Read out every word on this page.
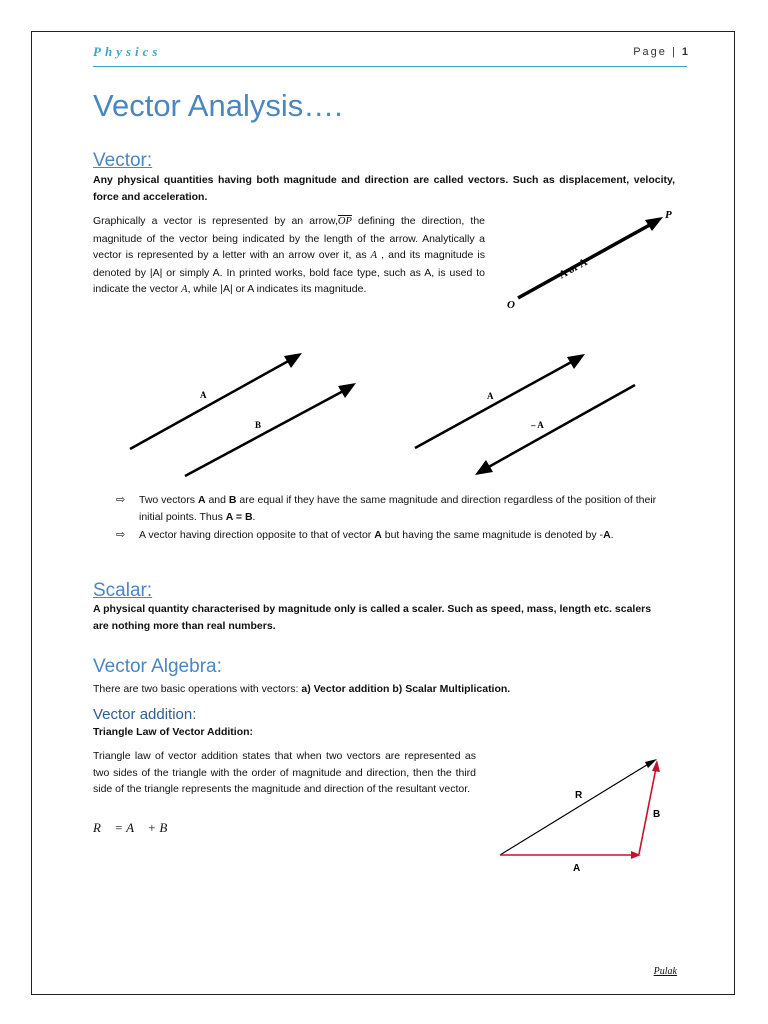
Physics	Page | 1
Vector Analysis….
Vector:

Any physical quantities having both magnitude and direction are called vectors. Such as displacement, velocity, force and acceleration.

Graphically a vector is represented by an $arrow,\overline{OP}$ defining the direction, the magnitude of the vector being indicated by the length of the arrow. Analytically a vector is represented by a letter with an arrow over it, as A , and its magnitude is denoted by |A| or simply A. In printed works, bold face type, such as A, is used to indicate the vector A, while |A| or A indicates its magnitude.

P
O
A or A
A
B
A
– A
⇨ Two vectors A and B are equal if they have the same magnitude and direction regardless of the position of their initial points. Thus A = B.
⇨ A vector having direction opposite to that of vector A but having the same magnitude is denoted by -A.
Scalar:

A physical quantity characterised by magnitude only is called a scaler. Such as speed, mass, length etc. scalers are nothing more than real numbers.

Vector Algebra:

There are two basic operations with vectors: a) Vector addition b) Scalar Multiplication.

Vector addition:

Triangle Law of Vector Addition:

Triangle law of vector addition states that when two vectors are represented as two sides of the triangle with the order of magnitude and direction, then the third side of the triangle represents the magnitude and direction of the resultant vector.

R⃗ = A⃗ + B⃗
R
B
A
Pulak
